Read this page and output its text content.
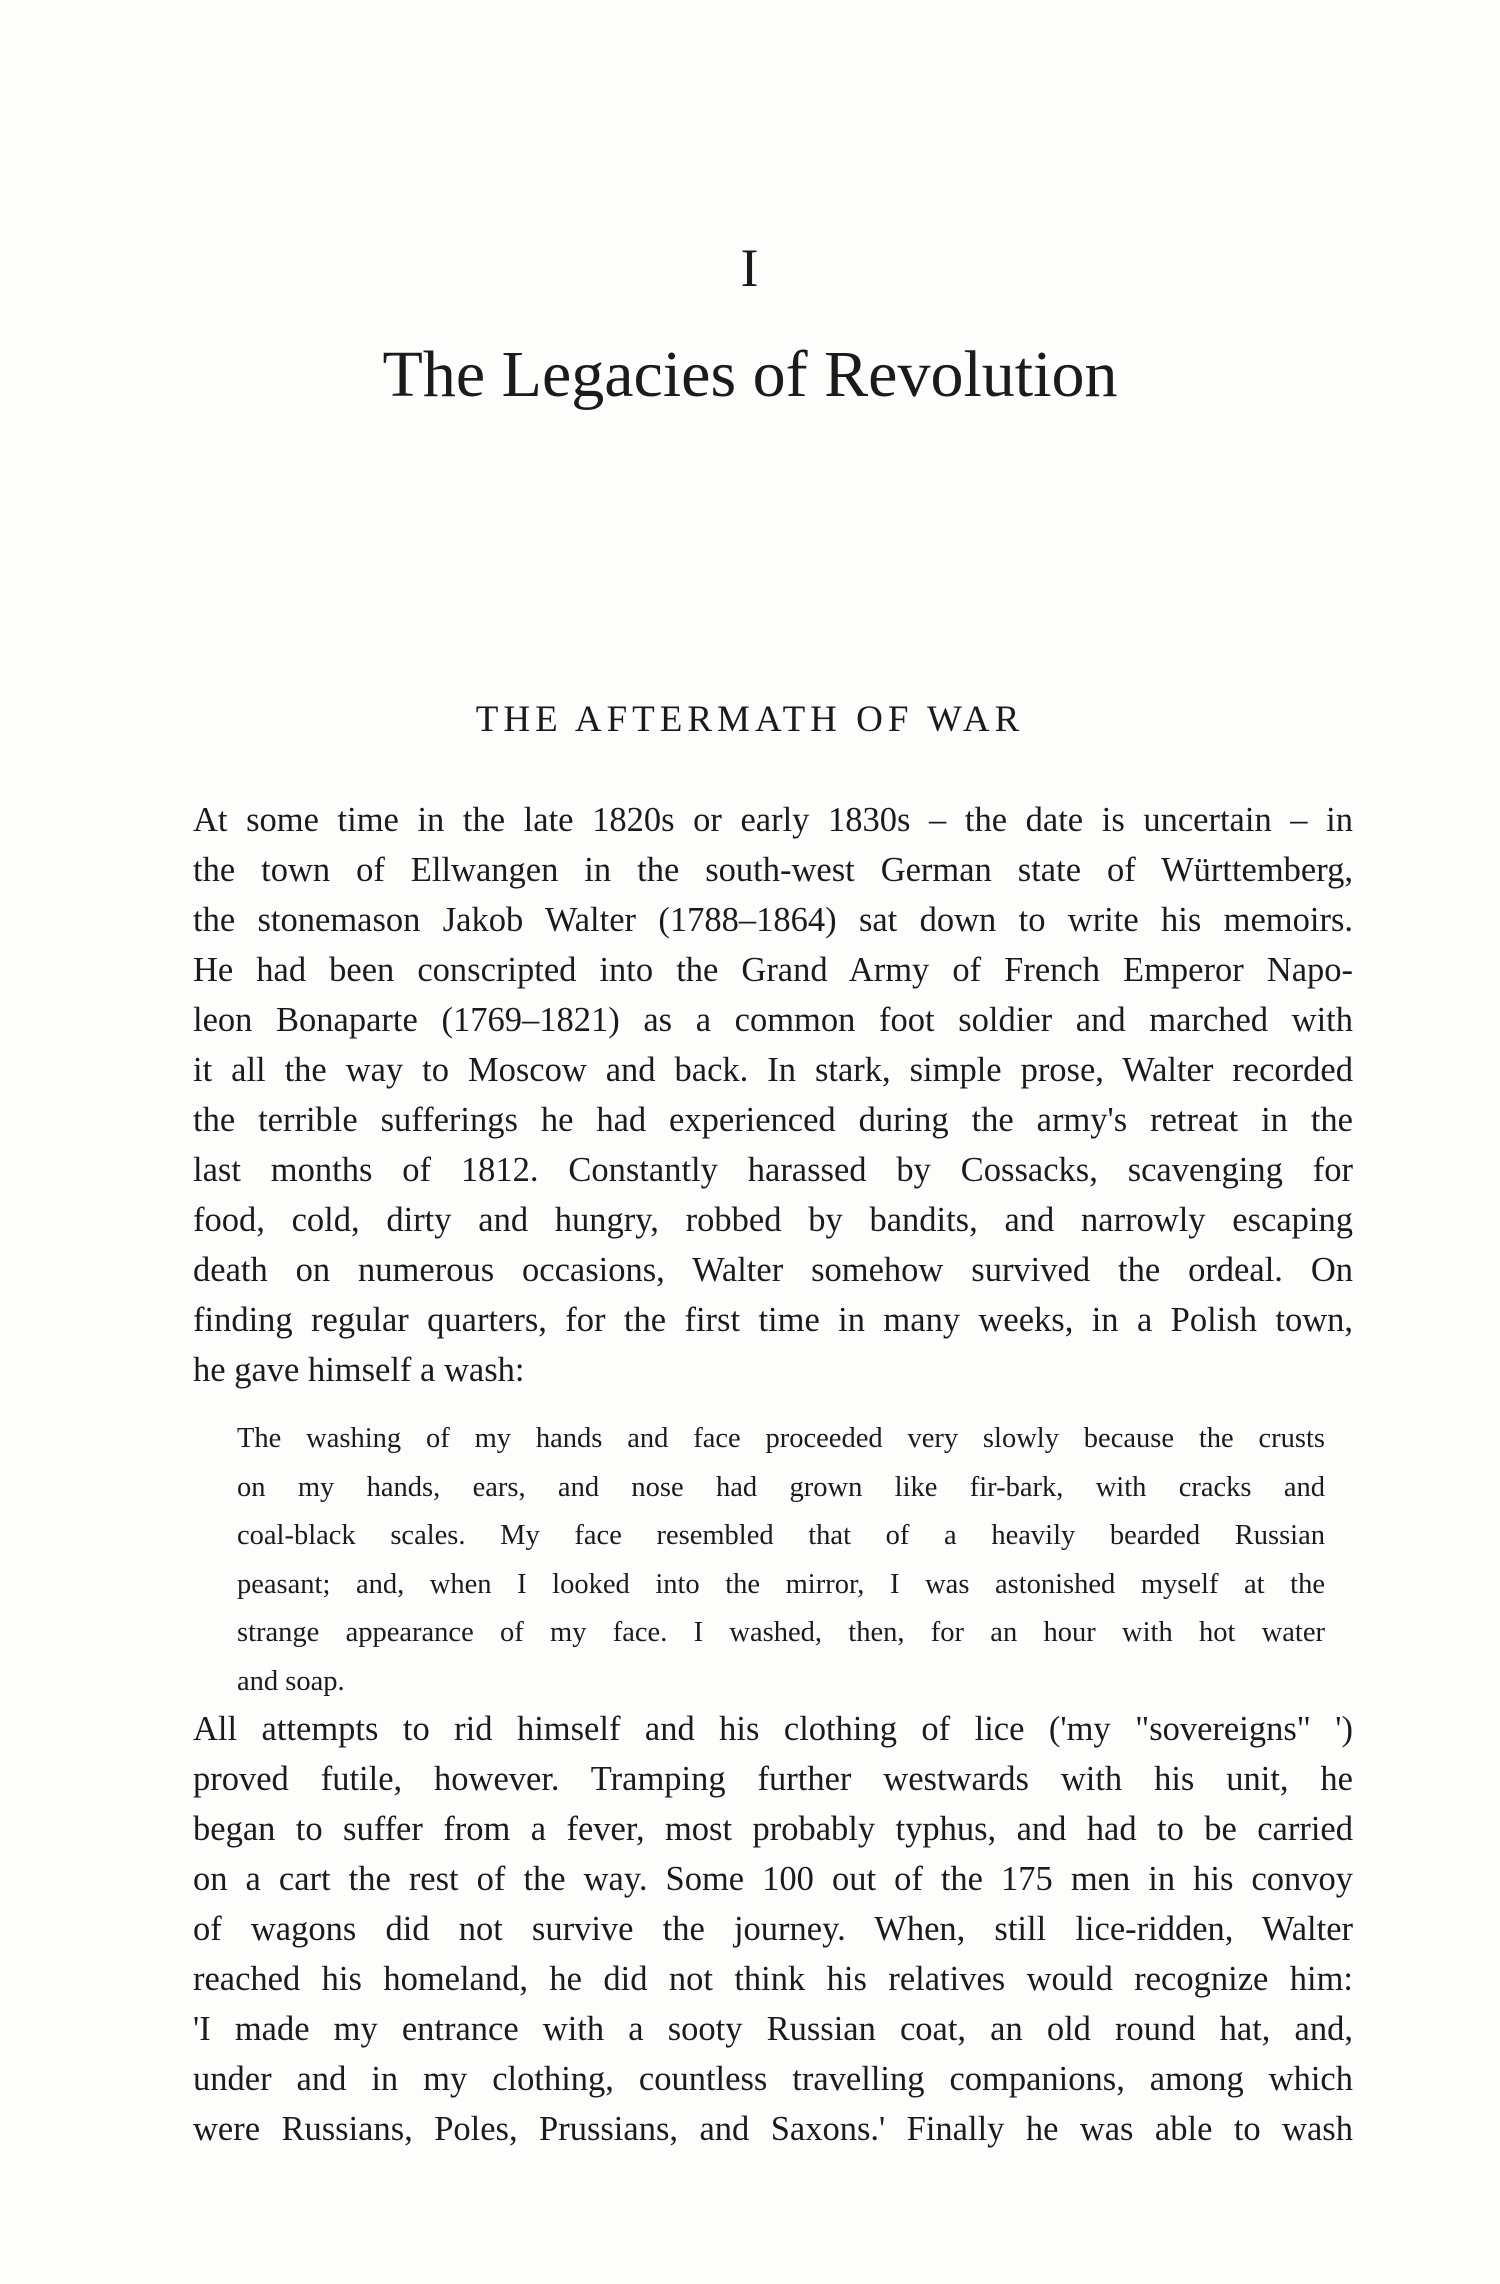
I
The Legacies of Revolution
THE AFTERMATH OF WAR
At some time in the late 1820s or early 1830s – the date is uncertain – in
the town of Ellwangen in the south-west German state of Württemberg,
the stonemason Jakob Walter (1788–1864) sat down to write his memoirs.
He had been conscripted into the Grand Army of French Emperor Napo-
leon Bonaparte (1769–1821) as a common foot soldier and marched with
it all the way to Moscow and back. In stark, simple prose, Walter recorded
the terrible sufferings he had experienced during the army's retreat in the
last months of 1812. Constantly harassed by Cossacks, scavenging for
food, cold, dirty and hungry, robbed by bandits, and narrowly escaping
death on numerous occasions, Walter somehow survived the ordeal. On
finding regular quarters, for the first time in many weeks, in a Polish town,
he gave himself a wash:
The washing of my hands and face proceeded very slowly because the crusts
on my hands, ears, and nose had grown like fir-bark, with cracks and
coal-black scales. My face resembled that of a heavily bearded Russian
peasant; and, when I looked into the mirror, I was astonished myself at the
strange appearance of my face. I washed, then, for an hour with hot water
and soap.
All attempts to rid himself and his clothing of lice ('my "sovereigns" ')
proved futile, however. Tramping further westwards with his unit, he
began to suffer from a fever, most probably typhus, and had to be carried
on a cart the rest of the way. Some 100 out of the 175 men in his convoy
of wagons did not survive the journey. When, still lice-ridden, Walter
reached his homeland, he did not think his relatives would recognize him:
'I made my entrance with a sooty Russian coat, an old round hat, and,
under and in my clothing, countless travelling companions, among which
were Russians, Poles, Prussians, and Saxons.' Finally he was able to wash
